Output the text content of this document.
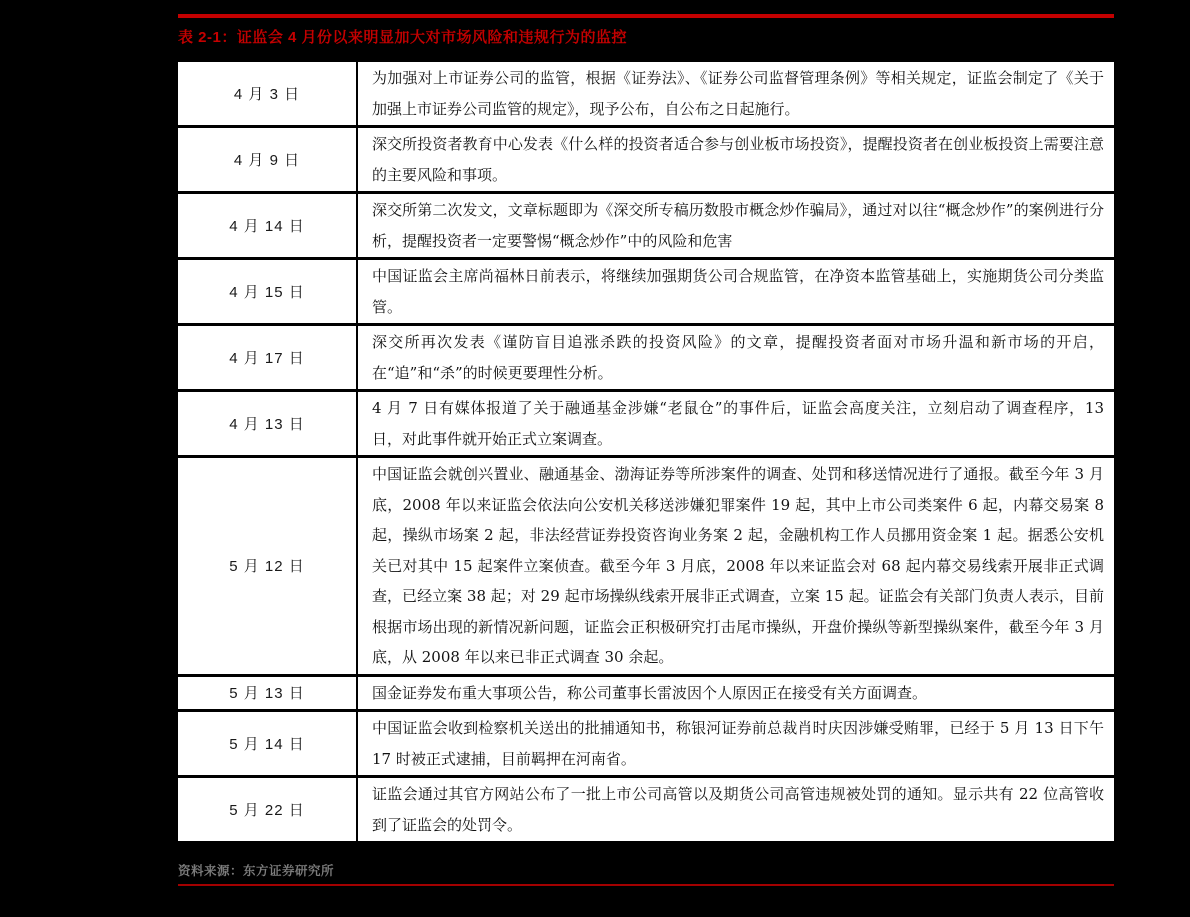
表 2-1：证监会 4 月份以来明显加大对市场风险和违规行为的监控
4 月 3 日
为加强对上市证券公司的监管，根据《证券法》、《证券公司监督管理条例》等相关规定，证监会制定了《关于加强上市证券公司监管的规定》，现予公布，自公布之日起施行。
4 月 9 日
深交所投资者教育中心发表《什么样的投资者适合参与创业板市场投资》，提醒投资者在创业板投资上需要注意的主要风险和事项。
4 月 14 日
深交所第二次发文，文章标题即为《深交所专稿历数股市概念炒作骗局》，通过对以往“概念炒作”的案例进行分析，提醒投资者一定要警惕“概念炒作”中的风险和危害
4 月 15 日
中国证监会主席尚福林日前表示，将继续加强期货公司合规监管，在净资本监管基础上，实施期货公司分类监管。
4 月 17 日
深交所再次发表《谨防盲目追涨杀跌的投资风险》的文章，提醒投资者面对市场升温和新市场的开启，在“追”和“杀”的时候更要理性分析。
4 月 13 日
4 月 7 日有媒体报道了关于融通基金涉嫌“老鼠仓”的事件后，证监会高度关注，立刻启动了调查程序，13 日，对此事件就开始正式立案调查。
5 月 12 日
中国证监会就创兴置业、融通基金、渤海证券等所涉案件的调查、处罚和移送情况进行了通报。截至今年 3 月底，2008 年以来证监会依法向公安机关移送涉嫌犯罪案件 19 起，其中上市公司类案件 6 起，内幕交易案 8 起，操纵市场案 2 起，非法经营证券投资咨询业务案 2 起，金融机构工作人员挪用资金案 1 起。据悉公安机关已对其中 15 起案件立案侦查。截至今年 3 月底，2008 年以来证监会对 68 起内幕交易线索开展非正式调查，已经立案 38 起；对 29 起市场操纵线索开展非正式调查，立案 15 起。证监会有关部门负责人表示，目前根据市场出现的新情况新问题，证监会正积极研究打击尾市操纵，开盘价操纵等新型操纵案件，截至今年 3 月底，从 2008 年以来已非正式调查 30 余起。
5 月 13 日	国金证券发布重大事项公告，称公司董事长雷波因个人原因正在接受有关方面调查。
5 月 14 日
中国证监会收到检察机关送出的批捕通知书，称银河证券前总裁肖时庆因涉嫌受贿罪，已经于 5 月 13 日下午 17 时被正式逮捕，目前羁押在河南省。
5 月 22 日
证监会通过其官方网站公布了一批上市公司高管以及期货公司高管违规被处罚的通知。显示共有 22 位高管收到了证监会的处罚令。
资料来源：东方证券研究所
